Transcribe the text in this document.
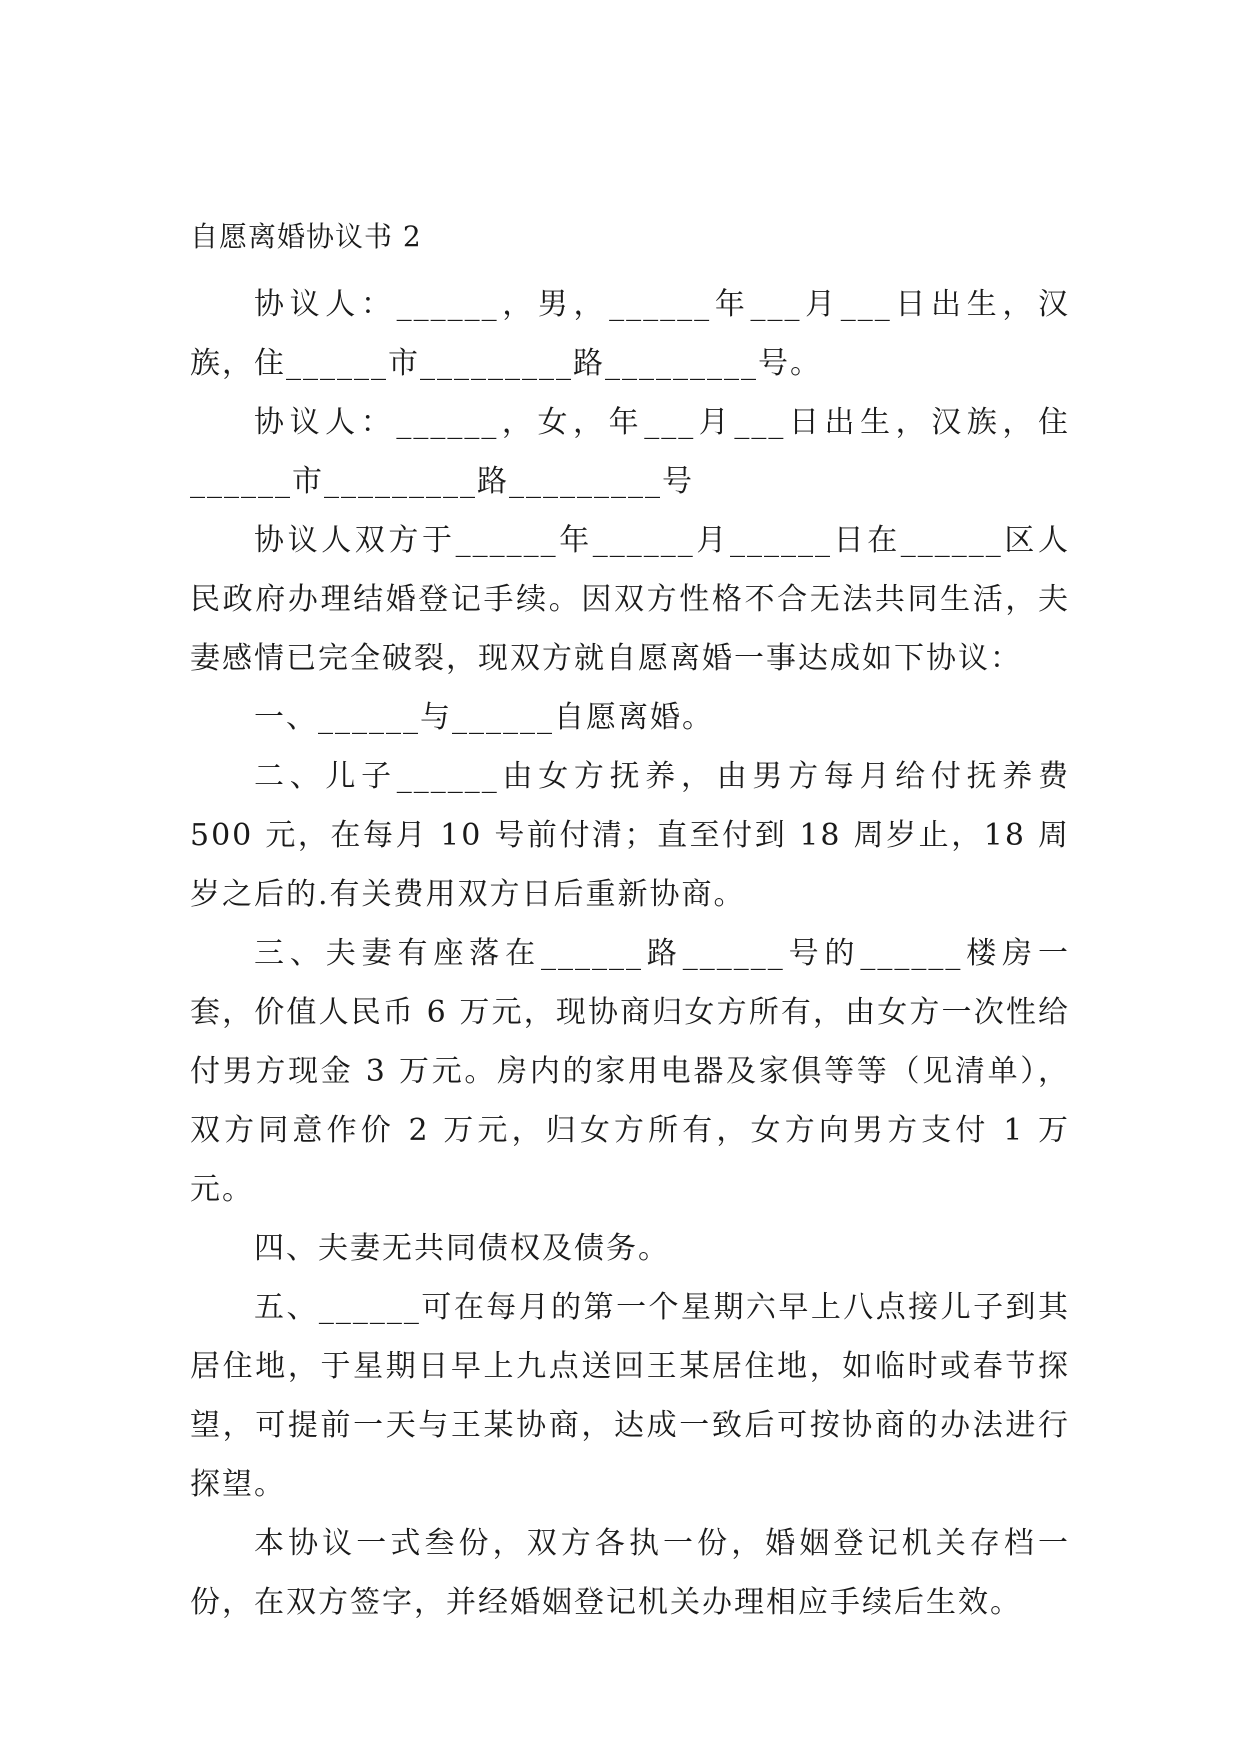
自愿离婚协议书 2

协议人：______，男，______年___月___日出生，汉族，住______市_________路_________号。

协议人：______，女，年___月___日出生，汉族，住______市_________路_________号

协议人双方于______年______月______日在______区人民政府办理结婚登记手续。因双方性格不合无法共同生活，夫妻感情已完全破裂，现双方就自愿离婚一事达成如下协议：

一、______与______自愿离婚。

二、儿子______由女方抚养，由男方每月给付抚养费 500 元，在每月 10 号前付清；直至付到 18 周岁止，18 周岁之后的.有关费用双方日后重新协商。

三、夫妻有座落在______路______号的______楼房一套，价值人民币 6 万元，现协商归女方所有，由女方一次性给付男方现金 3 万元。房内的家用电器及家俱等等（见清单），双方同意作价 2 万元，归女方所有，女方向男方支付 1 万元。

四、夫妻无共同债权及债务。

五、______可在每月的第一个星期六早上八点接儿子到其居住地，于星期日早上九点送回王某居住地，如临时或春节探望，可提前一天与王某协商，达成一致后可按协商的办法进行探望。

本协议一式叁份，双方各执一份，婚姻登记机关存档一份，在双方签字，并经婚姻登记机关办理相应手续后生效。
